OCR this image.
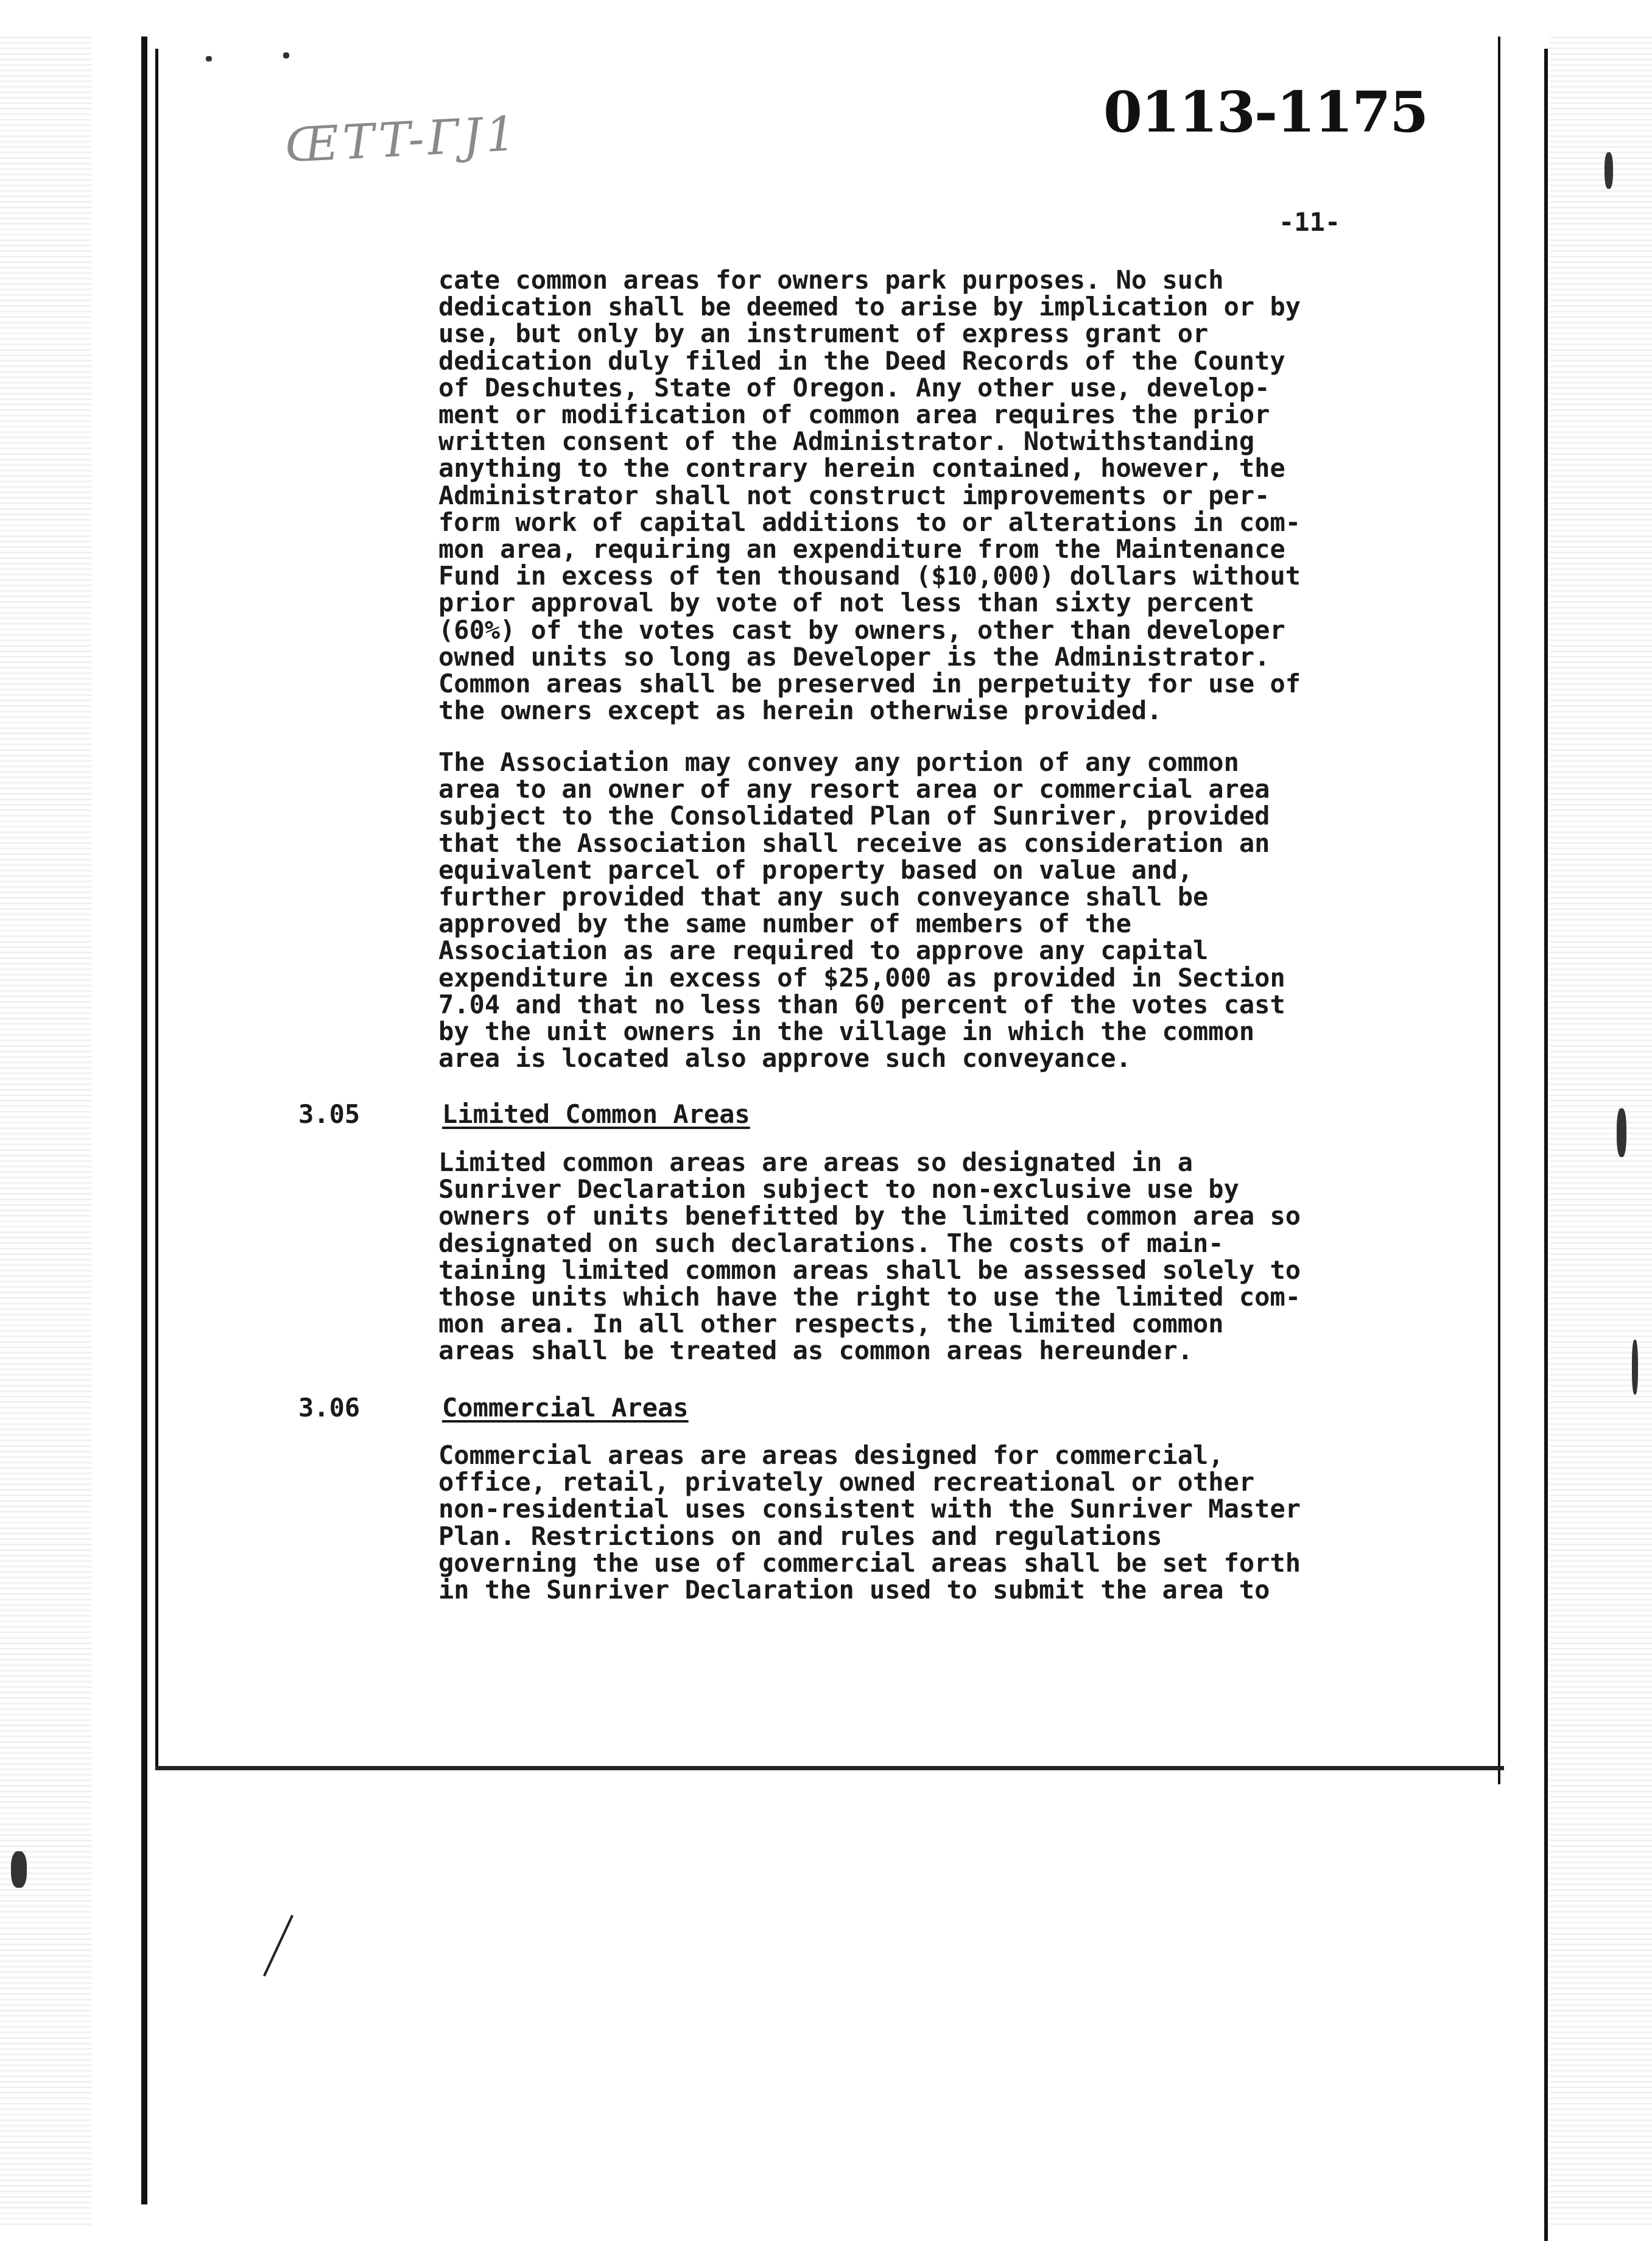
ŒTT-ГJ1	0113-1175
-11-

cate common areas for owners park purposes. No such
dedication shall be deemed to arise by implication or by
use, but only by an instrument of express grant or
dedication duly filed in the Deed Records of the County
of Deschutes, State of Oregon. Any other use, develop-
ment or modification of common area requires the prior
written consent of the Administrator. Notwithstanding
anything to the contrary herein contained, however, the
Administrator shall not construct improvements or per-
form work of capital additions to or alterations in com-
mon area, requiring an expenditure from the Maintenance
Fund in excess of ten thousand ($10,000) dollars without
prior approval by vote of not less than sixty percent
(60%) of the votes cast by owners, other than developer
owned units so long as Developer is the Administrator.
Common areas shall be preserved in perpetuity for use of
the owners except as herein otherwise provided.

The Association may convey any portion of any common
area to an owner of any resort area or commercial area
subject to the Consolidated Plan of Sunriver, provided
that the Association shall receive as consideration an
equivalent parcel of property based on value and,
further provided that any such conveyance shall be
approved by the same number of members of the
Association as are required to approve any capital
expenditure in excess of $25,000 as provided in Section
7.04 and that no less than 60 percent of the votes cast
by the unit owners in the village in which the common
area is located also approve such conveyance.

3.05	Limited Common Areas

Limited common areas are areas so designated in a
Sunriver Declaration subject to non-exclusive use by
owners of units benefitted by the limited common area so
designated on such declarations. The costs of main-
taining limited common areas shall be assessed solely to
those units which have the right to use the limited com-
mon area. In all other respects, the limited common
areas shall be treated as common areas hereunder.

3.06	Commercial Areas

Commercial areas are areas designed for commercial,
office, retail, privately owned recreational or other
non-residential uses consistent with the Sunriver Master
Plan. Restrictions on and rules and regulations
governing the use of commercial areas shall be set forth
in the Sunriver Declaration used to submit the area to
